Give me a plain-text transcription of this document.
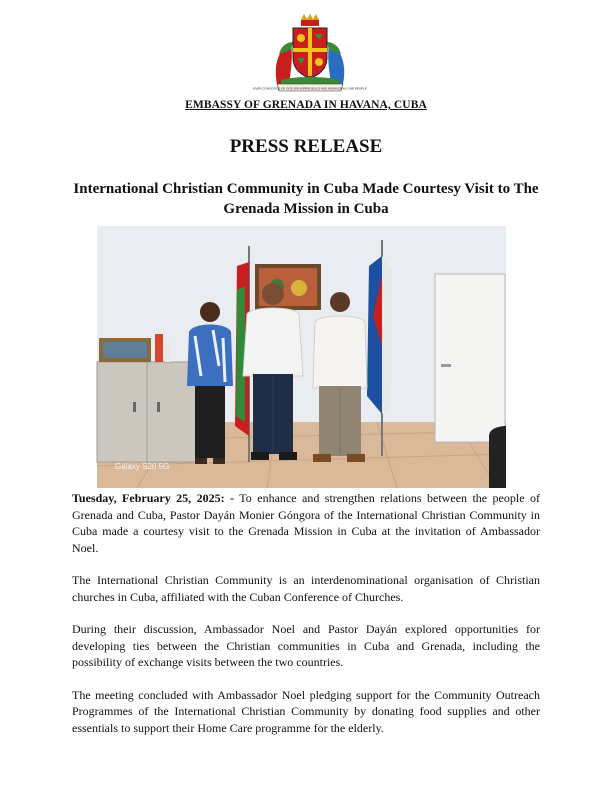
EVER CONSCIOUS OF GOD WE ASPIRE BUILD AND ADVANCE AS ONE PEOPLE
EMBASSY OF GRENADA IN HAVANA, CUBA
PRESS RELEASE
International Christian Community in Cuba Made Courtesy Visit to The Grenada Mission in Cuba
Galaxy S20 5G

Tuesday, February 25, 2025: - To enhance and strengthen relations between the people of Grenada and Cuba, Pastor Dayán Monier Góngora of the International Christian Community in Cuba made a courtesy visit to the Grenada Mission in Cuba at the invitation of Ambassador Noel.

The International Christian Community is an interdenominational organisation of Christian churches in Cuba, affiliated with the Cuban Conference of Churches.

During their discussion, Ambassador Noel and Pastor Dayán explored opportunities for developing ties between the Christian communities in Cuba and Grenada, including the possibility of exchange visits between the two countries.

The meeting concluded with Ambassador Noel pledging support for the Community Outreach Programmes of the International Christian Community by donating food supplies and other essentials to support their Home Care programme for the elderly.
